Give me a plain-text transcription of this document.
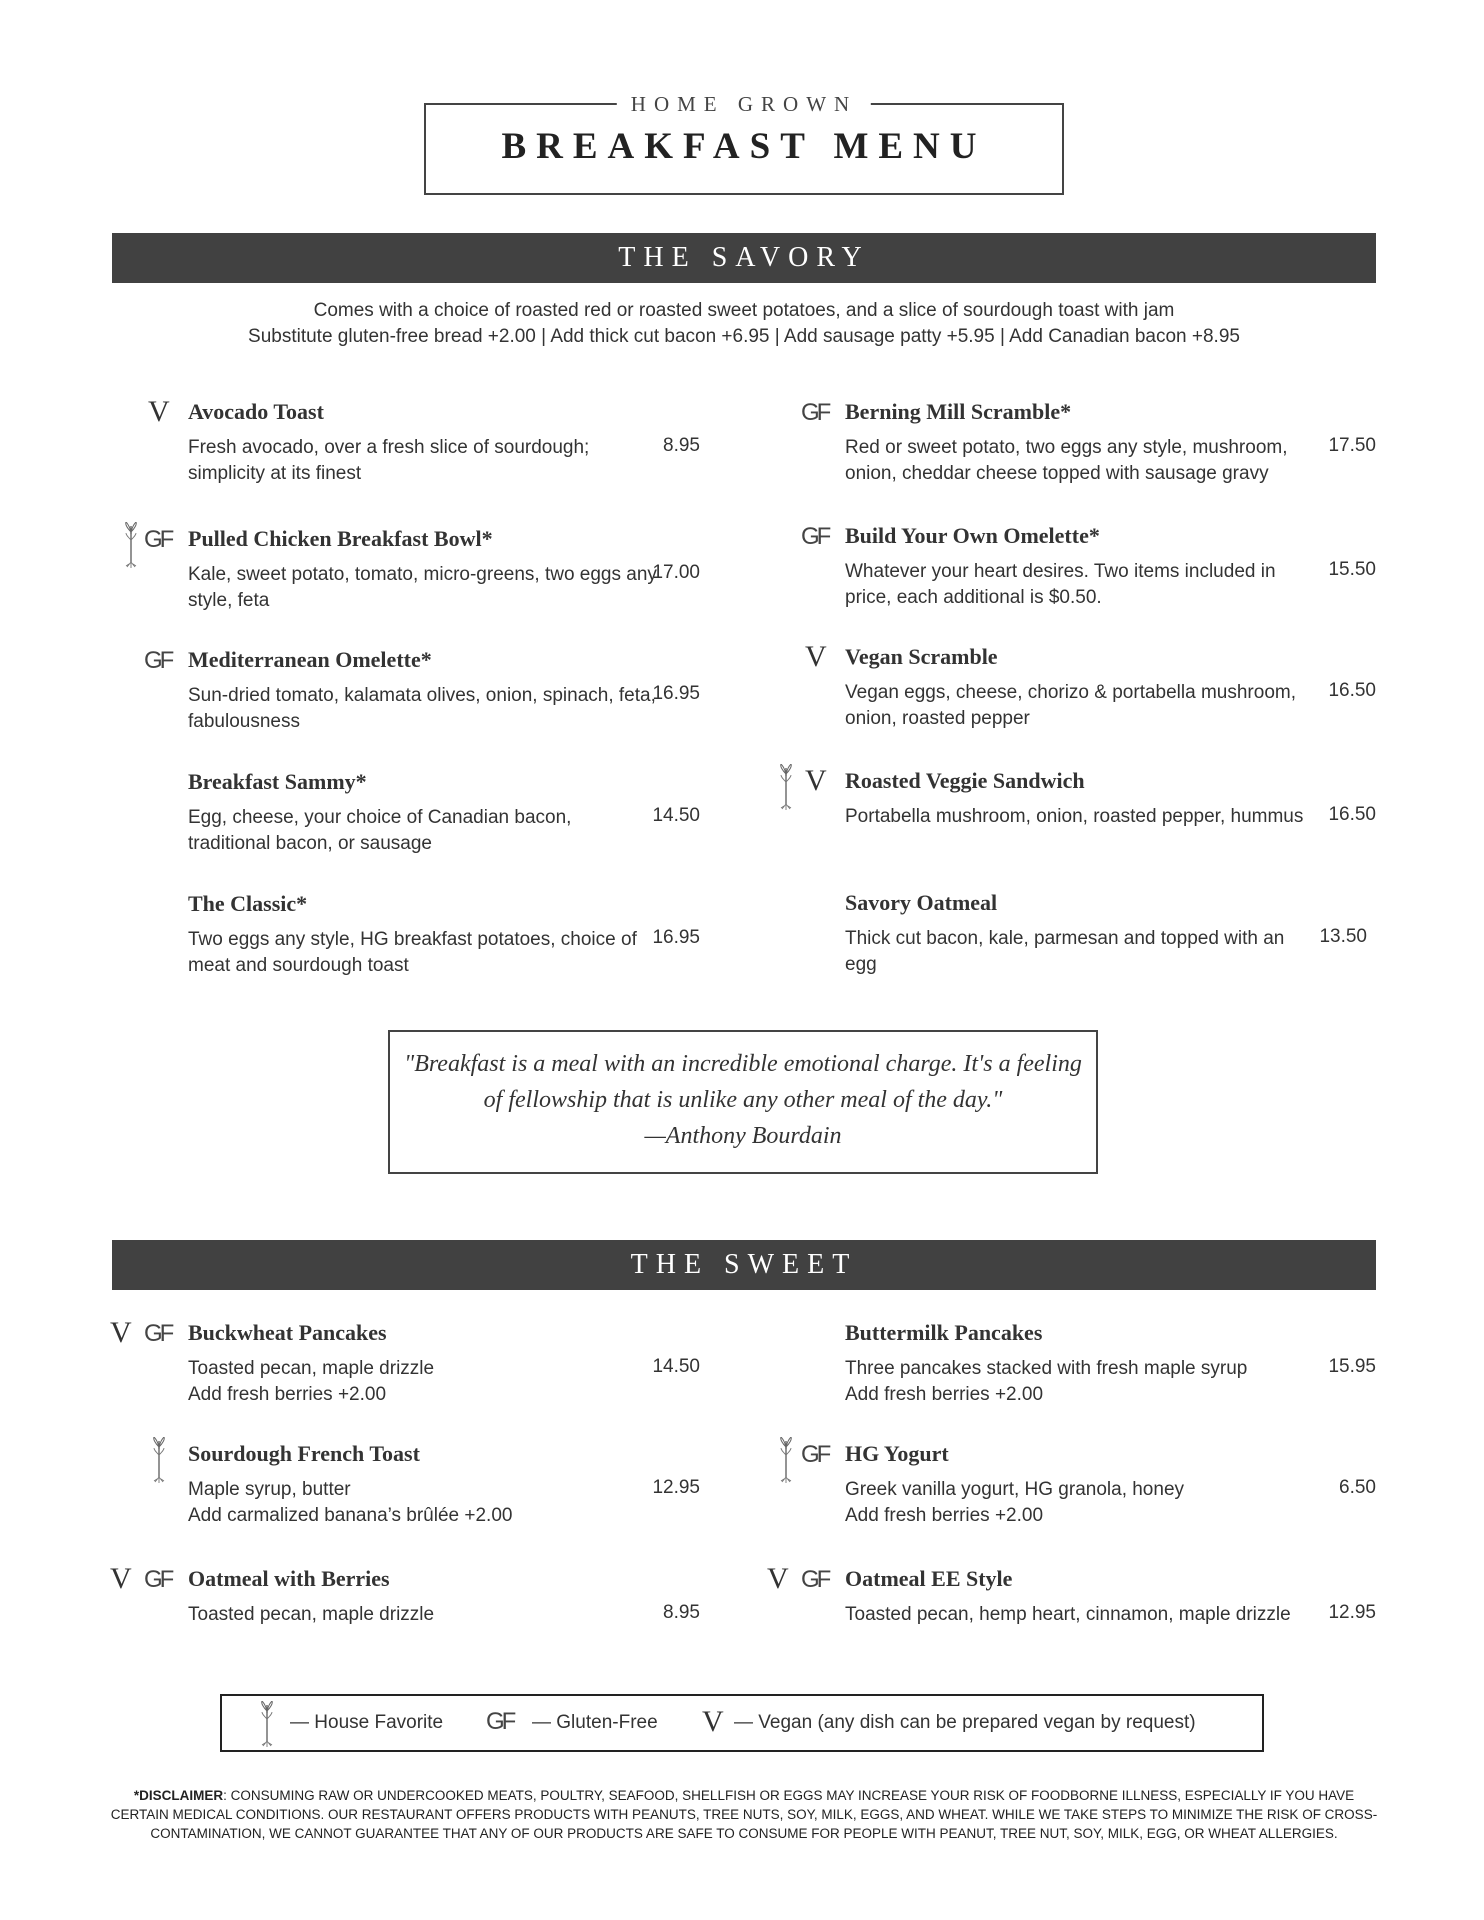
HOME GROWN
BREAKFAST MENU
THE SAVORY
Comes with a choice of roasted red or roasted sweet potatoes, and a slice of sourdough toast with jam
Substitute gluten-free bread +2.00 | Add thick cut bacon +6.95 | Add sausage patty +5.95 | Add Canadian bacon +8.95
V Avocado Toast
Fresh avocado, over a fresh slice of sourdough; simplicity at its finest
8.95
GF Pulled Chicken Breakfast Bowl*
Kale, sweet potato, tomato, micro-greens, two eggs any style, feta
17.00
GF Mediterranean Omelette*
Sun-dried tomato, kalamata olives, onion, spinach, feta, fabulousness
16.95
Breakfast Sammy*
Egg, cheese, your choice of Canadian bacon, traditional bacon, or sausage
14.50
The Classic*
Two eggs any style, HG breakfast potatoes, choice of meat and sourdough toast
16.95
GF Berning Mill Scramble*
Red or sweet potato, two eggs any style, mushroom, onion, cheddar cheese topped with sausage gravy
17.50
GF Build Your Own Omelette*
Whatever your heart desires. Two items included in price, each additional is $0.50.
15.50
V Vegan Scramble
Vegan eggs, cheese, chorizo & portabella mushroom, onion, roasted pepper
16.50
V Roasted Veggie Sandwich
Portabella mushroom, onion, roasted pepper, hummus	16.50
Savory Oatmeal
Thick cut bacon, kale, parmesan and topped with an egg
13.50
"Breakfast is a meal with an incredible emotional charge. It's a feeling
of fellowship that is unlike any other meal of the day."
—Anthony Bourdain
THE SWEET
V GF Buckwheat Pancakes
Toasted pecan, maple drizzle
Add fresh berries +2.00
14.50
Sourdough French Toast
Maple syrup, butter
Add carmalized banana’s brûlée +2.00
12.95
V GF Oatmeal with Berries
Toasted pecan, maple drizzle	8.95
Buttermilk Pancakes
Three pancakes stacked with fresh maple syrup
Add fresh berries +2.00
15.95
GF HG Yogurt
Greek vanilla yogurt, HG granola, honey
Add fresh berries +2.00
6.50
V GF Oatmeal EE Style
Toasted pecan, hemp heart, cinnamon, maple drizzle	12.95
— House Favorite GF — Gluten-Free V — Vegan (any dish can be prepared vegan by request)
*DISCLAIMER: CONSUMING RAW OR UNDERCOOKED MEATS, POULTRY, SEAFOOD, SHELLFISH OR EGGS MAY INCREASE YOUR RISK OF FOODBORNE ILLNESS, ESPECIALLY IF YOU HAVE CERTAIN MEDICAL CONDITIONS. OUR RESTAURANT OFFERS PRODUCTS WITH PEANUTS, TREE NUTS, SOY, MILK, EGGS, AND WHEAT. WHILE WE TAKE STEPS TO MINIMIZE THE RISK OF CROSS-CONTAMINATION, WE CANNOT GUARANTEE THAT ANY OF OUR PRODUCTS ARE SAFE TO CONSUME FOR PEOPLE WITH PEANUT, TREE NUT, SOY, MILK, EGG, OR WHEAT ALLERGIES.
